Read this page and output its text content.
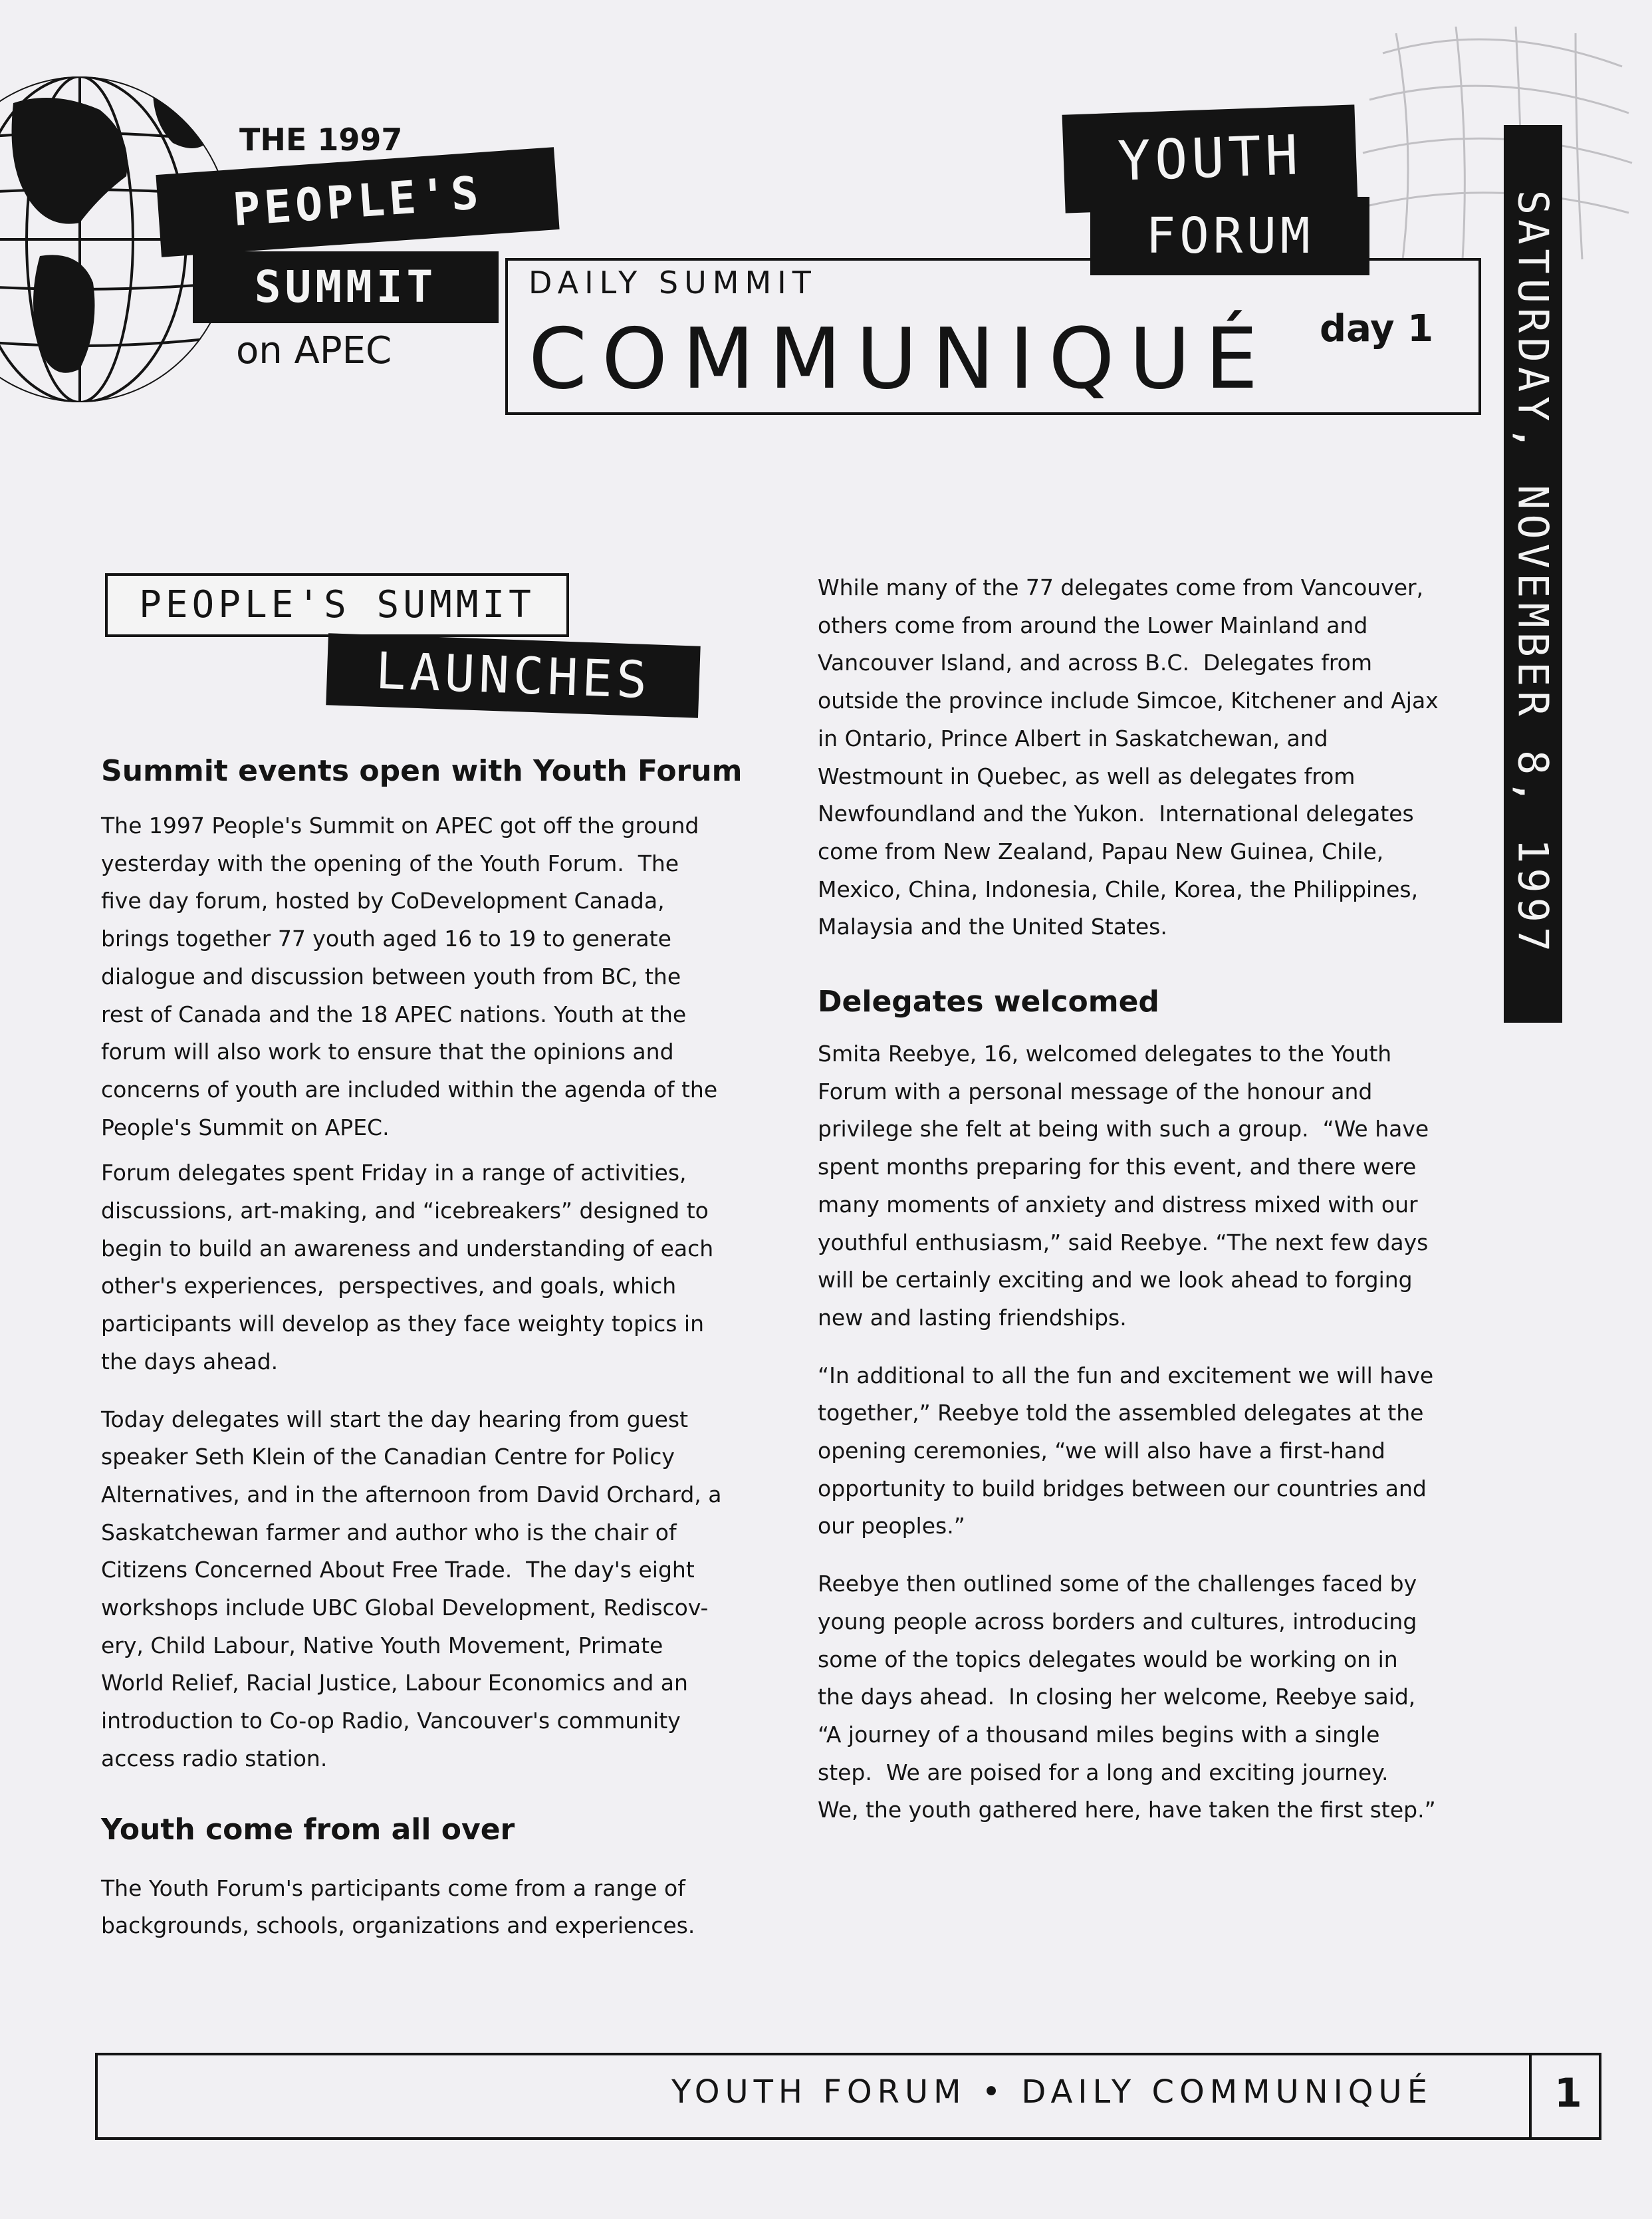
THE 1997
PEOPLE'S
SUMMIT
on APEC
DAILY SUMMIT
COMMUNIQUÉ day 1
YOUTH
FORUM	SATURDAY, NOVEMBER 8, 1997
PEOPLE'S SUMMIT
LAUNCHES
Summit events open with Youth Forum

The 1997 People's Summit on APEC got off the ground
yesterday with the opening of the Youth Forum.  The
five day forum, hosted by CoDevelopment Canada,
brings together 77 youth aged 16 to 19 to generate
dialogue and discussion between youth from BC, the
rest of Canada and the 18 APEC nations. Youth at the
forum will also work to ensure that the opinions and
concerns of youth are included within the agenda of the
People's Summit on APEC.

Forum delegates spent Friday in a range of activities,
discussions, art-making, and “icebreakers” designed to
begin to build an awareness and understanding of each
other's experiences,  perspectives, and goals, which
participants will develop as they face weighty topics in
the days ahead.

Today delegates will start the day hearing from guest
speaker Seth Klein of the Canadian Centre for Policy
Alternatives, and in the afternoon from David Orchard, a
Saskatchewan farmer and author who is the chair of
Citizens Concerned About Free Trade.  The day's eight
workshops include UBC Global Development, Rediscov-
ery, Child Labour, Native Youth Movement, Primate
World Relief, Racial Justice, Labour Economics and an
introduction to Co-op Radio, Vancouver's community
access radio station.

Youth come from all over

The Youth Forum's participants come from a range of
backgrounds, schools, organizations and experiences.

While many of the 77 delegates come from Vancouver,
others come from around the Lower Mainland and
Vancouver Island, and across B.C.  Delegates from
outside the province include Simcoe, Kitchener and Ajax
in Ontario, Prince Albert in Saskatchewan, and
Westmount in Quebec, as well as delegates from
Newfoundland and the Yukon.  International delegates
come from New Zealand, Papau New Guinea, Chile,
Mexico, China, Indonesia, Chile, Korea, the Philippines,
Malaysia and the United States.

Delegates welcomed

Smita Reebye, 16, welcomed delegates to the Youth
Forum with a personal message of the honour and
privilege she felt at being with such a group.  “We have
spent months preparing for this event, and there were
many moments of anxiety and distress mixed with our
youthful enthusiasm,” said Reebye. “The next few days
will be certainly exciting and we look ahead to forging
new and lasting friendships.

“In additional to all the fun and excitement we will have
together,” Reebye told the assembled delegates at the
opening ceremonies, “we will also have a first-hand
opportunity to build bridges between our countries and
our peoples.”

Reebye then outlined some of the challenges faced by
young people across borders and cultures, introducing
some of the topics delegates would be working on in
the days ahead.  In closing her welcome, Reebye said,
“A journey of a thousand miles begins with a single
step.  We are poised for a long and exciting journey.
We, the youth gathered here, have taken the first step.”

YOUTH FORUM • DAILY COMMUNIQUÉ	1
